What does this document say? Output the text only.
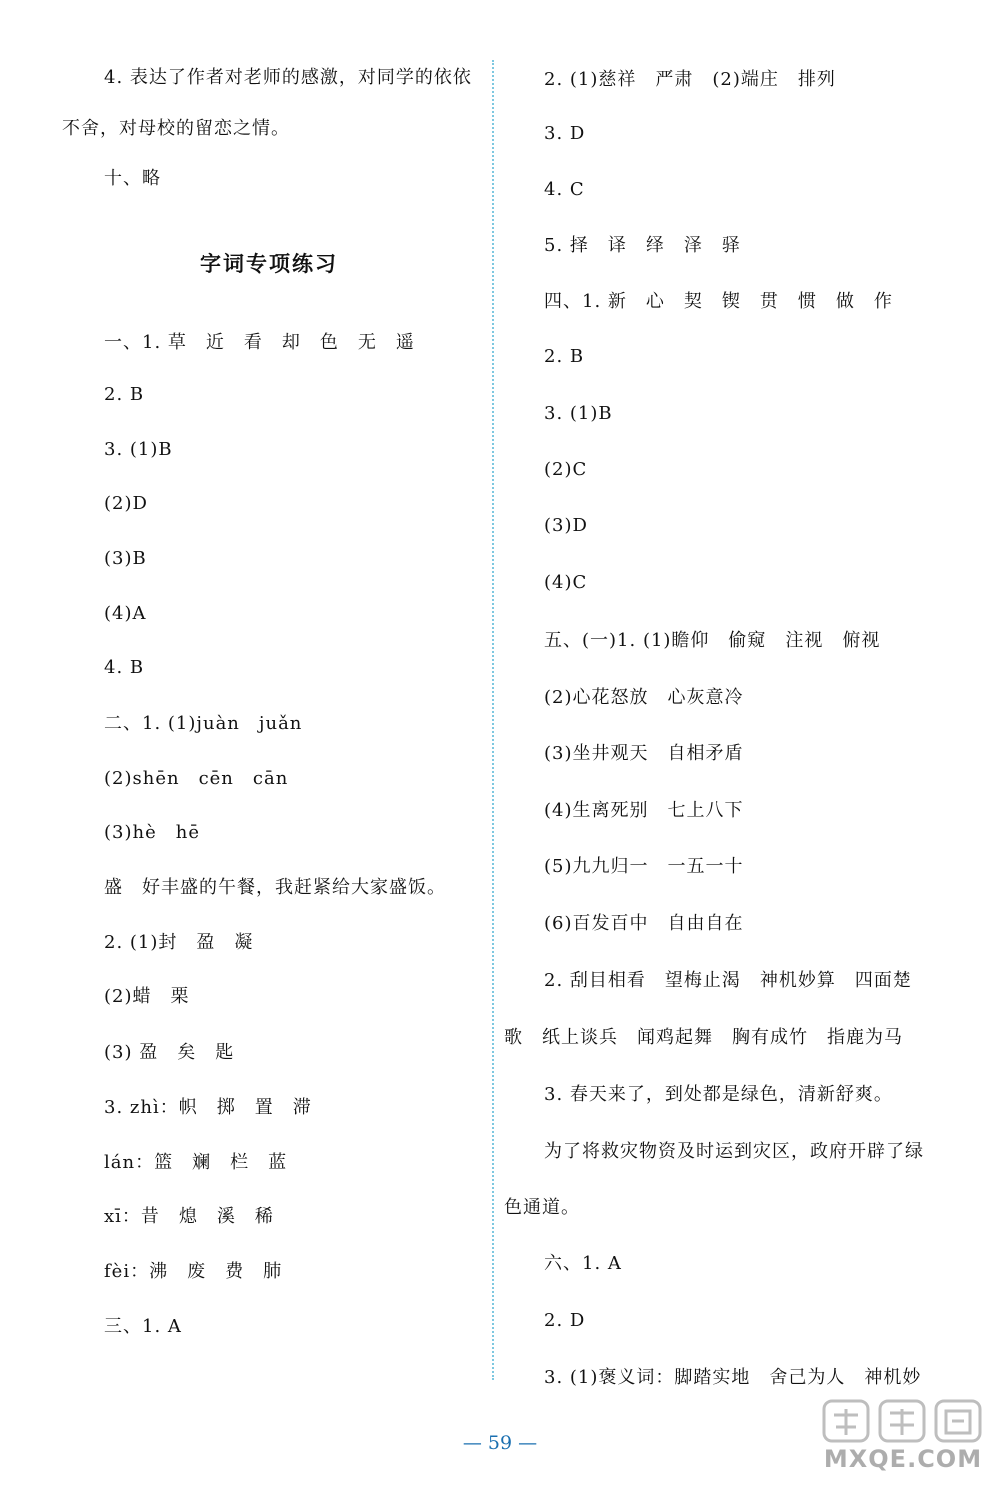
4. 表达了作者对老师的感激，对同学的依依
不舍，对母校的留恋之情。
十、略
字词专项练习
一、1. 草　近　看　却　色　无　遥
2. B
3. (1)B
(2)D
(3)B
(4)A
4. B
二、1. (1)juàn　juǎn
(2)shēn　cēn　cān
(3)hè　hē
盛　好丰盛的午餐，我赶紧给大家盛饭。
2. (1)封　盈　凝
(2)蜡　栗
(3) 盈　矣　匙
3. zhì：帜　掷　置　滞
lán：篮　斓　栏　蓝
xī：昔　熄　溪　稀
fèi：沸　废　费　肺
三、1. A
2. (1)慈祥　严肃　(2)端庄　排列
3. D
4. C
5. 择　译　绎　泽　驿
四、1. 新　心　契　锲　贯　惯　做　作
2. B
3. (1)B
(2)C
(3)D
(4)C
五、(一)1. (1)瞻仰　偷窥　注视　俯视
(2)心花怒放　心灰意冷
(3)坐井观天　自相矛盾
(4)生离死别　七上八下
(5)九九归一　一五一十
(6)百发百中　自由自在
2. 刮目相看　望梅止渴　神机妙算　四面楚
歌　纸上谈兵　闻鸡起舞　胸有成竹　指鹿为马
3. 春天来了，到处都是绿色，清新舒爽。
为了将救灾物资及时运到灾区，政府开辟了绿
色通道。
六、1. A
2. D
3. (1)褒义词：脚踏实地　舍己为人　神机妙
— 59 —
MXQE.COM
